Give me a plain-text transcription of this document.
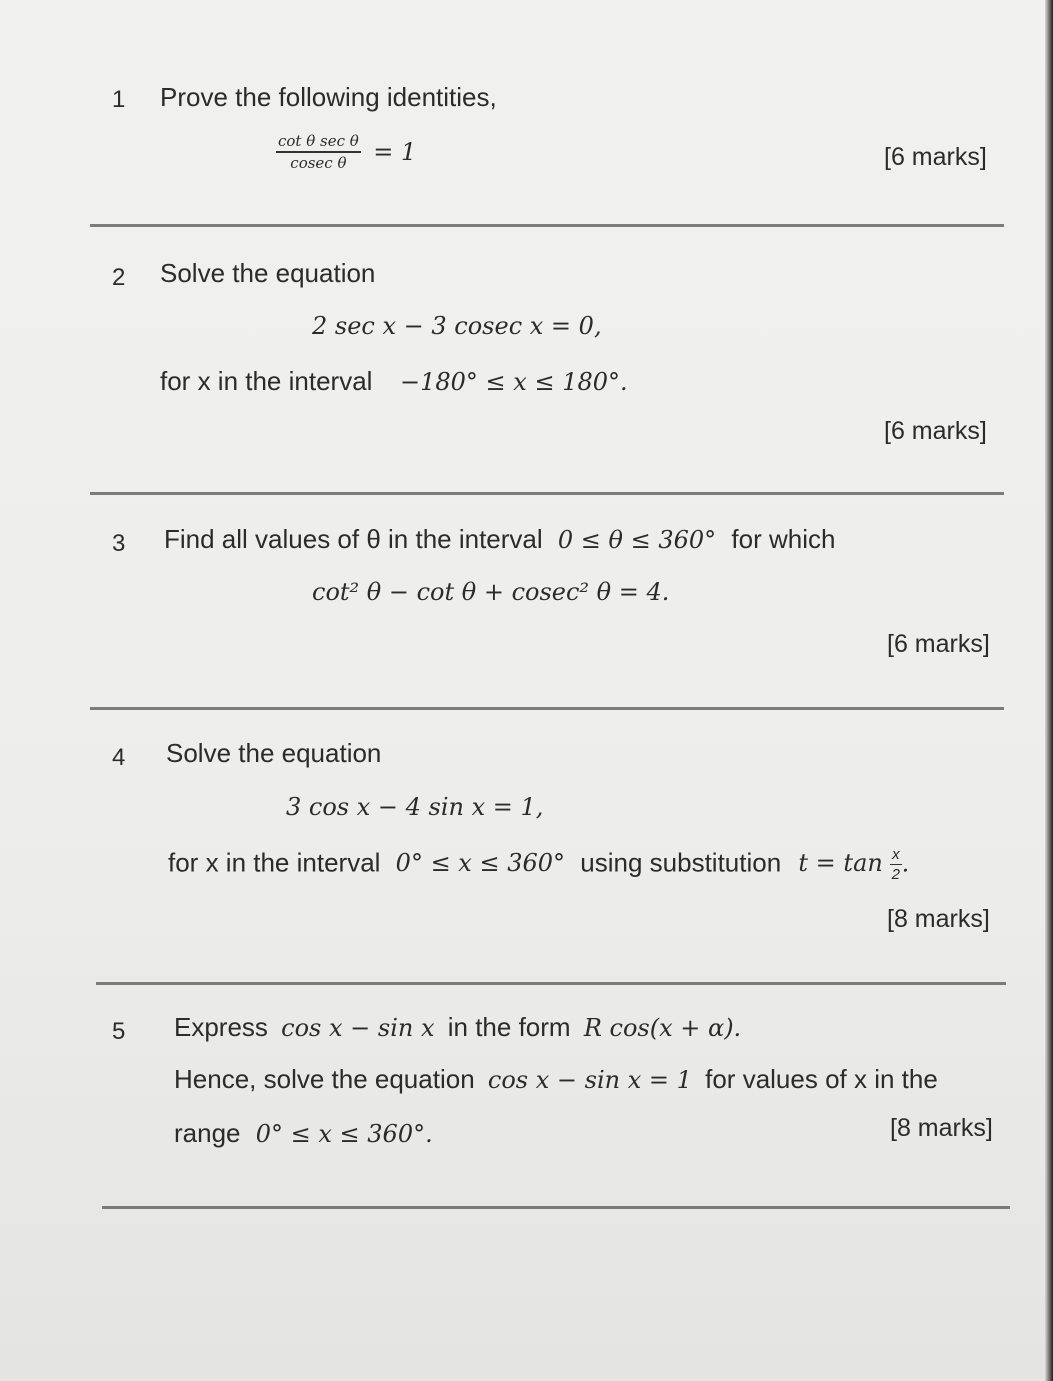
1 Prove the following identities,
$\frac{\text{cot θ sec θ}}{\text{cosec θ}} = 1$	[6 marks]
2 Solve the equation
2 sec x − 3 cosec x = 0,
for x in the interval −180° ≤ x ≤ 180°.
[6 marks]
3 Find all values of θ in the interval 0 ≤ θ ≤ 360° for which
cot² θ − cot θ + cosec² θ = 4.
[6 marks]
4 Solve the equation
3 cos x − 4 sin x = 1,
for x in the interval 0° ≤ x ≤ 360° using substitution $t = \tan \frac{x}{2}$ .
[8 marks]
5 Express cos x − sin x in the form R cos(x + α).
Hence, solve the equation cos x − sin x = 1 for values of x in the
range 0° ≤ x ≤ 360°.	[8 marks]
